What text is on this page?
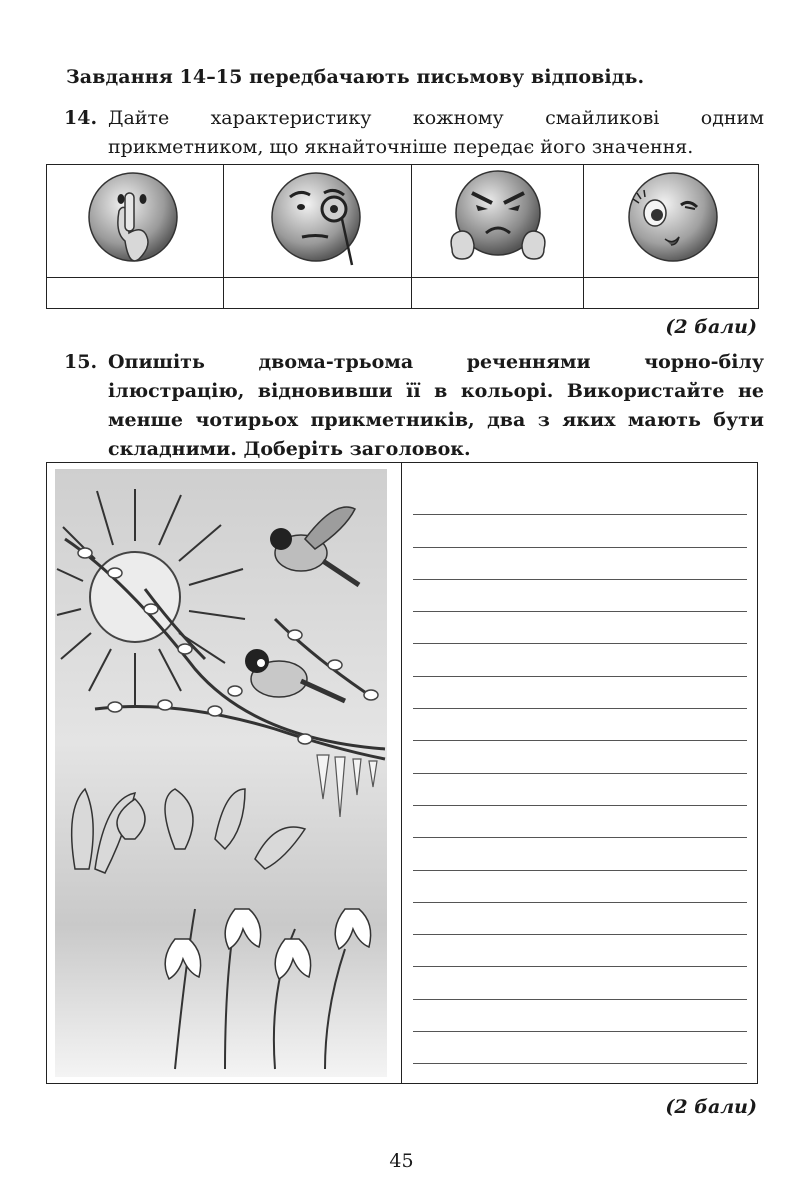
Завдання 14–15 передбачають письмову відповідь.
14. Дайте характеристику кожному смайликові одним прикметником, що якнайточніше передає його значення.

(2 бали)
15. Опишіть двома-трьома реченнями чорно-білу ілюстрацію, відновивши її в кольорі. Використайте не менше чотирьох прикметників, два з яких мають бути складними. Доберіть заголовок.
(2 бали)
45
